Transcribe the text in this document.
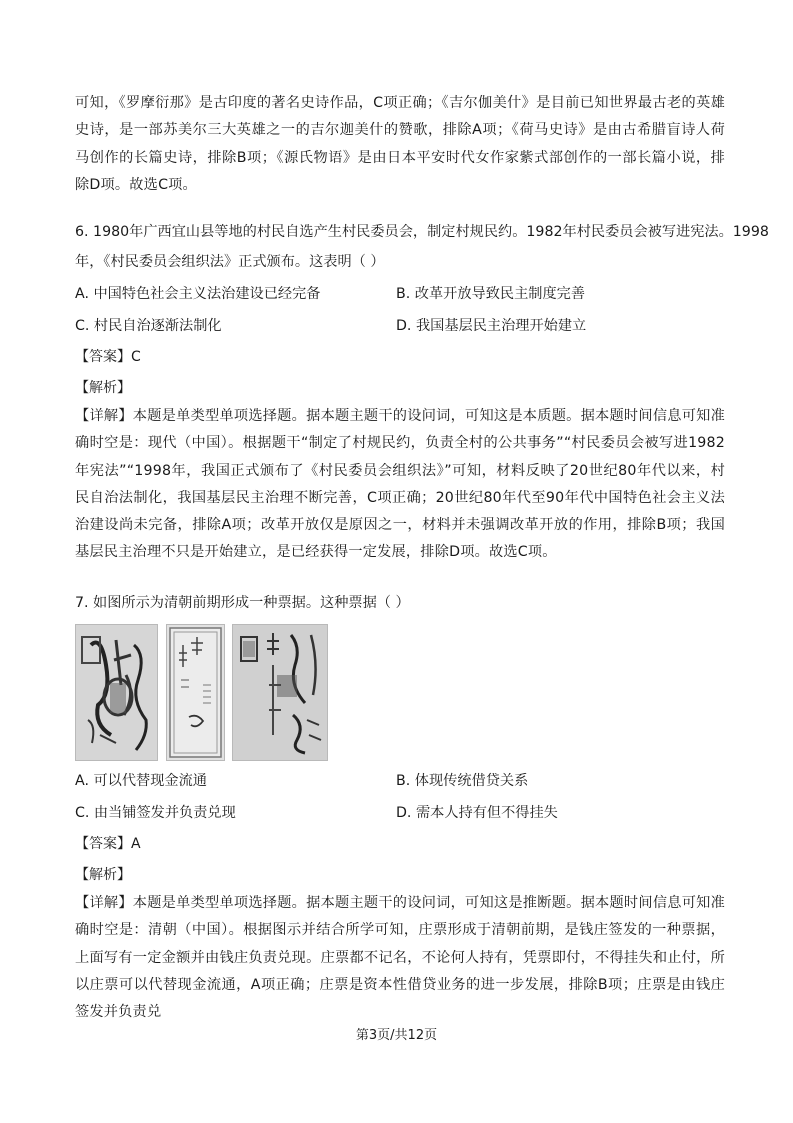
可知，《罗摩衍那》是古印度的著名史诗作品，C项正确；《吉尔伽美什》是目前已知世界最古老的英雄史诗，是一部苏美尔三大英雄之一的吉尔迦美什的赞歌，排除A项；《荷马史诗》是由古希腊盲诗人荷马创作的长篇史诗，排除B项；《源氏物语》是由日本平安时代女作家紫式部创作的一部长篇小说，排除D项。故选C项。

6. 1980年广西宜山县等地的村民自选产生村民委员会，制定村规民约。1982年村民委员会被写进宪法。1998
年，《村民委员会组织法》正式颁布。这表明（ ）
A. 中国特色社会主义法治建设已经完备	B. 改革开放导致民主制度完善
C. 村民自治逐渐法制化	D. 我国基层民主治理开始建立
【答案】C
【解析】

【详解】本题是单类型单项选择题。据本题主题干的设问词，可知这是本质题。据本题时间信息可知准确时空是：现代（中国）。根据题干“制定了村规民约，负责全村的公共事务”“村民委员会被写进1982年宪法”“1998年，我国正式颁布了《村民委员会组织法》”可知，材料反映了20世纪80年代以来，村民自治法制化，我国基层民主治理不断完善，C项正确；20世纪80年代至90年代中国特色社会主义法治建设尚未完备，排除A项；改革开放仅是原因之一，材料并未强调改革开放的作用，排除B项；我国基层民主治理不只是开始建立，是已经获得一定发展，排除D项。故选C项。

7. 如图所示为清朝前期形成一种票据。这种票据（ ）
A. 可以代替现金流通	B. 体现传统借贷关系
C. 由当铺签发并负责兑现	D. 需本人持有但不得挂失
【答案】A
【解析】

【详解】本题是单类型单项选择题。据本题主题干的设问词，可知这是推断题。据本题时间信息可知准确时空是：清朝（中国）。根据图示并结合所学可知，庄票形成于清朝前期，是钱庄签发的一种票据，上面写有一定金额并由钱庄负责兑现。庄票都不记名，不论何人持有，凭票即付，不得挂失和止付，所以庄票可以代替现金流通，A项正确；庄票是资本性借贷业务的进一步发展，排除B项；庄票是由钱庄签发并负责兑

第3页/共12页
